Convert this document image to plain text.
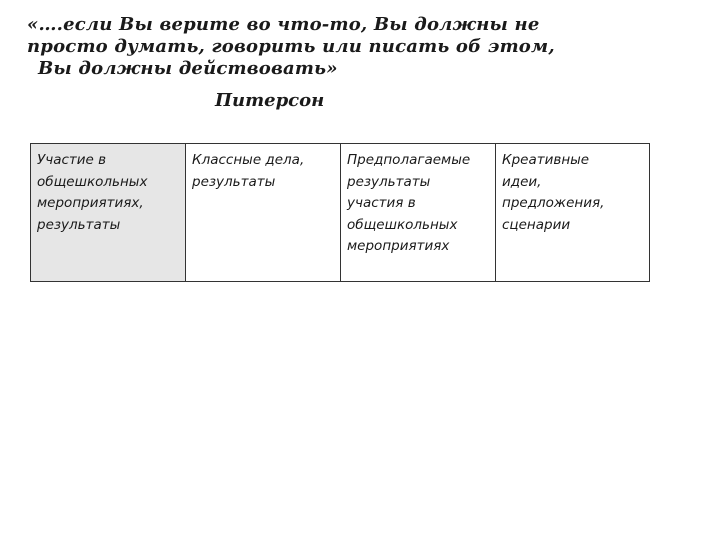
«….если Вы верите во что-то, Вы должны не
просто думать, говорить или писать об этом,
Вы должны действовать»
Питерсон
Участие в
общешкольных
мероприятиях,
результаты

Классные дела,
результаты

Предполагаемые
результаты
участия в
общешкольных
мероприятиях

Креативные
идеи,
предложения,
сценарии
